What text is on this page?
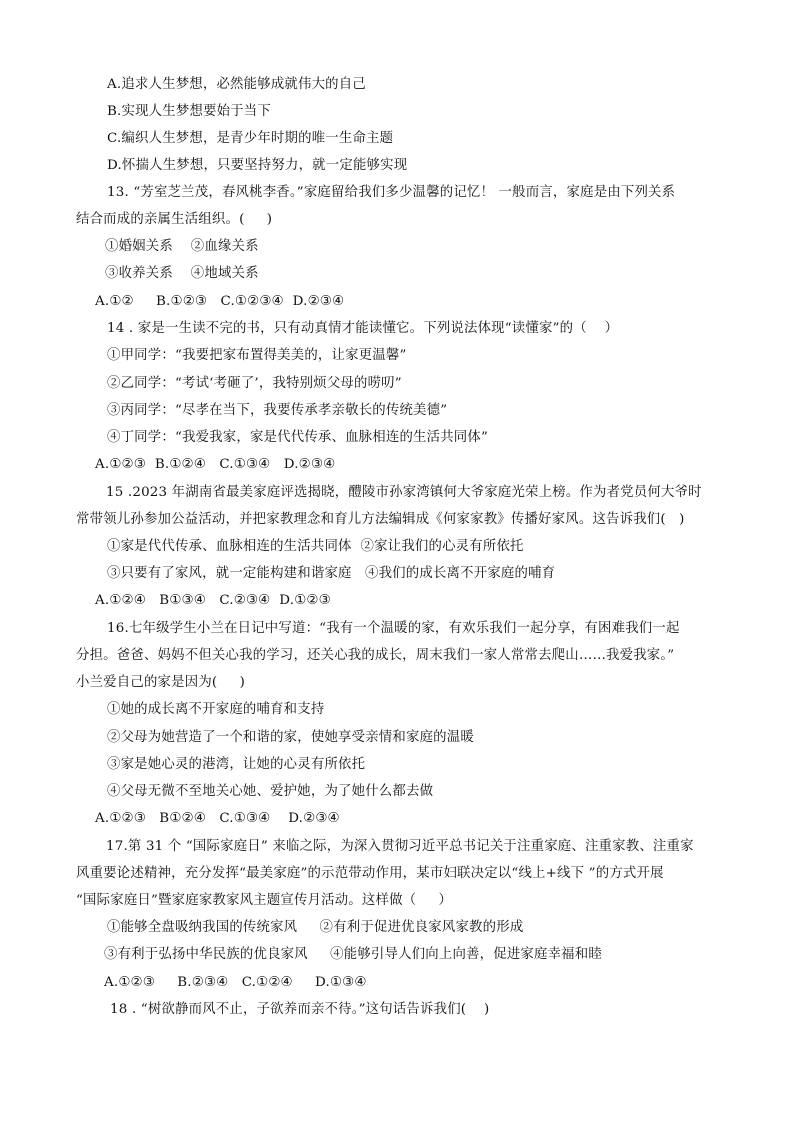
A.追求人生梦想，必然能够成就伟大的自己
B.实现人生梦想要始于当下
C.编织人生梦想，是青少年时期的唯一生命主题
D.怀揣人生梦想，只要坚持努力，就一定能够实现
13. “芳室芝兰茂，春风桃李香。”家庭留给我们多少温馨的记忆！ 一般而言，家庭是由下列关系
结合而成的亲属生活组织。(     )
①婚姻关系    ②血缘关系
③收养关系    ④地域关系
A.①②     B.①②③   C.①②③④  D.②③④
14 . 家是一生读不完的书，只有动真情才能读懂它。下列说法体现“读懂家”的（    ）
①甲同学：“我要把家布置得美美的，让家更温馨”
②乙同学：“考试‘考砸了’，我特别烦父母的唠叨”
③丙同学：“尽孝在当下，我要传承孝亲敬长的传统美德”
④丁同学：“我爱我家，家是代代传承、血脉相连的生活共同体”
A.①②③  B.①②④   C.①③④   D.②③④
15 .2023 年湖南省最美家庭评选揭晓，醴陵市孙家湾镇何大爷家庭光荣上榜。作为者党员何大爷时
常带领儿孙参加公益活动，并把家教理念和育儿方法编辑成《何家家教》传播好家风。这告诉我们(   )
①家是代代传承、血脉相连的生活共同体  ②家让我们的心灵有所依托
③只要有了家风，就一定能构建和谐家庭   ④我们的成长离不开家庭的哺育
A.①②④   B①③④   C.②③④  D.①②③
16.七年级学生小兰在日记中写道：“我有一个温暖的家，有欢乐我们一起分享，有困难我们一起
分担。爸爸、妈妈不但关心我的学习，还关心我的成长，周末我们一家人常常去爬山……我爱我家。”
小兰爱自己的家是因为(     )
①她的成长离不开家庭的哺育和支持
②父母为她营造了一个和谐的家，使她享受亲情和家庭的温暖
③家是她心灵的港湾，让她的心灵有所依托
④父母无微不至地关心她、爱护她，为了她什么都去做
A.①②③   B①②④   C.①③④    D.②③④
17.第 31 个 “国际家庭日” 来临之际，为深入贯彻习近平总书记关于注重家庭、注重家教、注重家
风重要论述精神，充分发挥“最美家庭”的示范带动作用，某市妇联决定以“线上+线下 ”的方式开展
“国际家庭日”暨家庭家教家风主题宣传月活动。这样做（     ）
①能够全盘吸纳我国的传统家风     ②有利于促进优良家风家教的形成
③有利于弘扬中华民族的优良家风     ④能够引导人们向上向善，促进家庭幸福和睦
A.①②③     B.②③④   C.①②④     D.①③④
18 . “树欲静而风不止，子欲养而亲不待。”这句话告诉我们(    )
